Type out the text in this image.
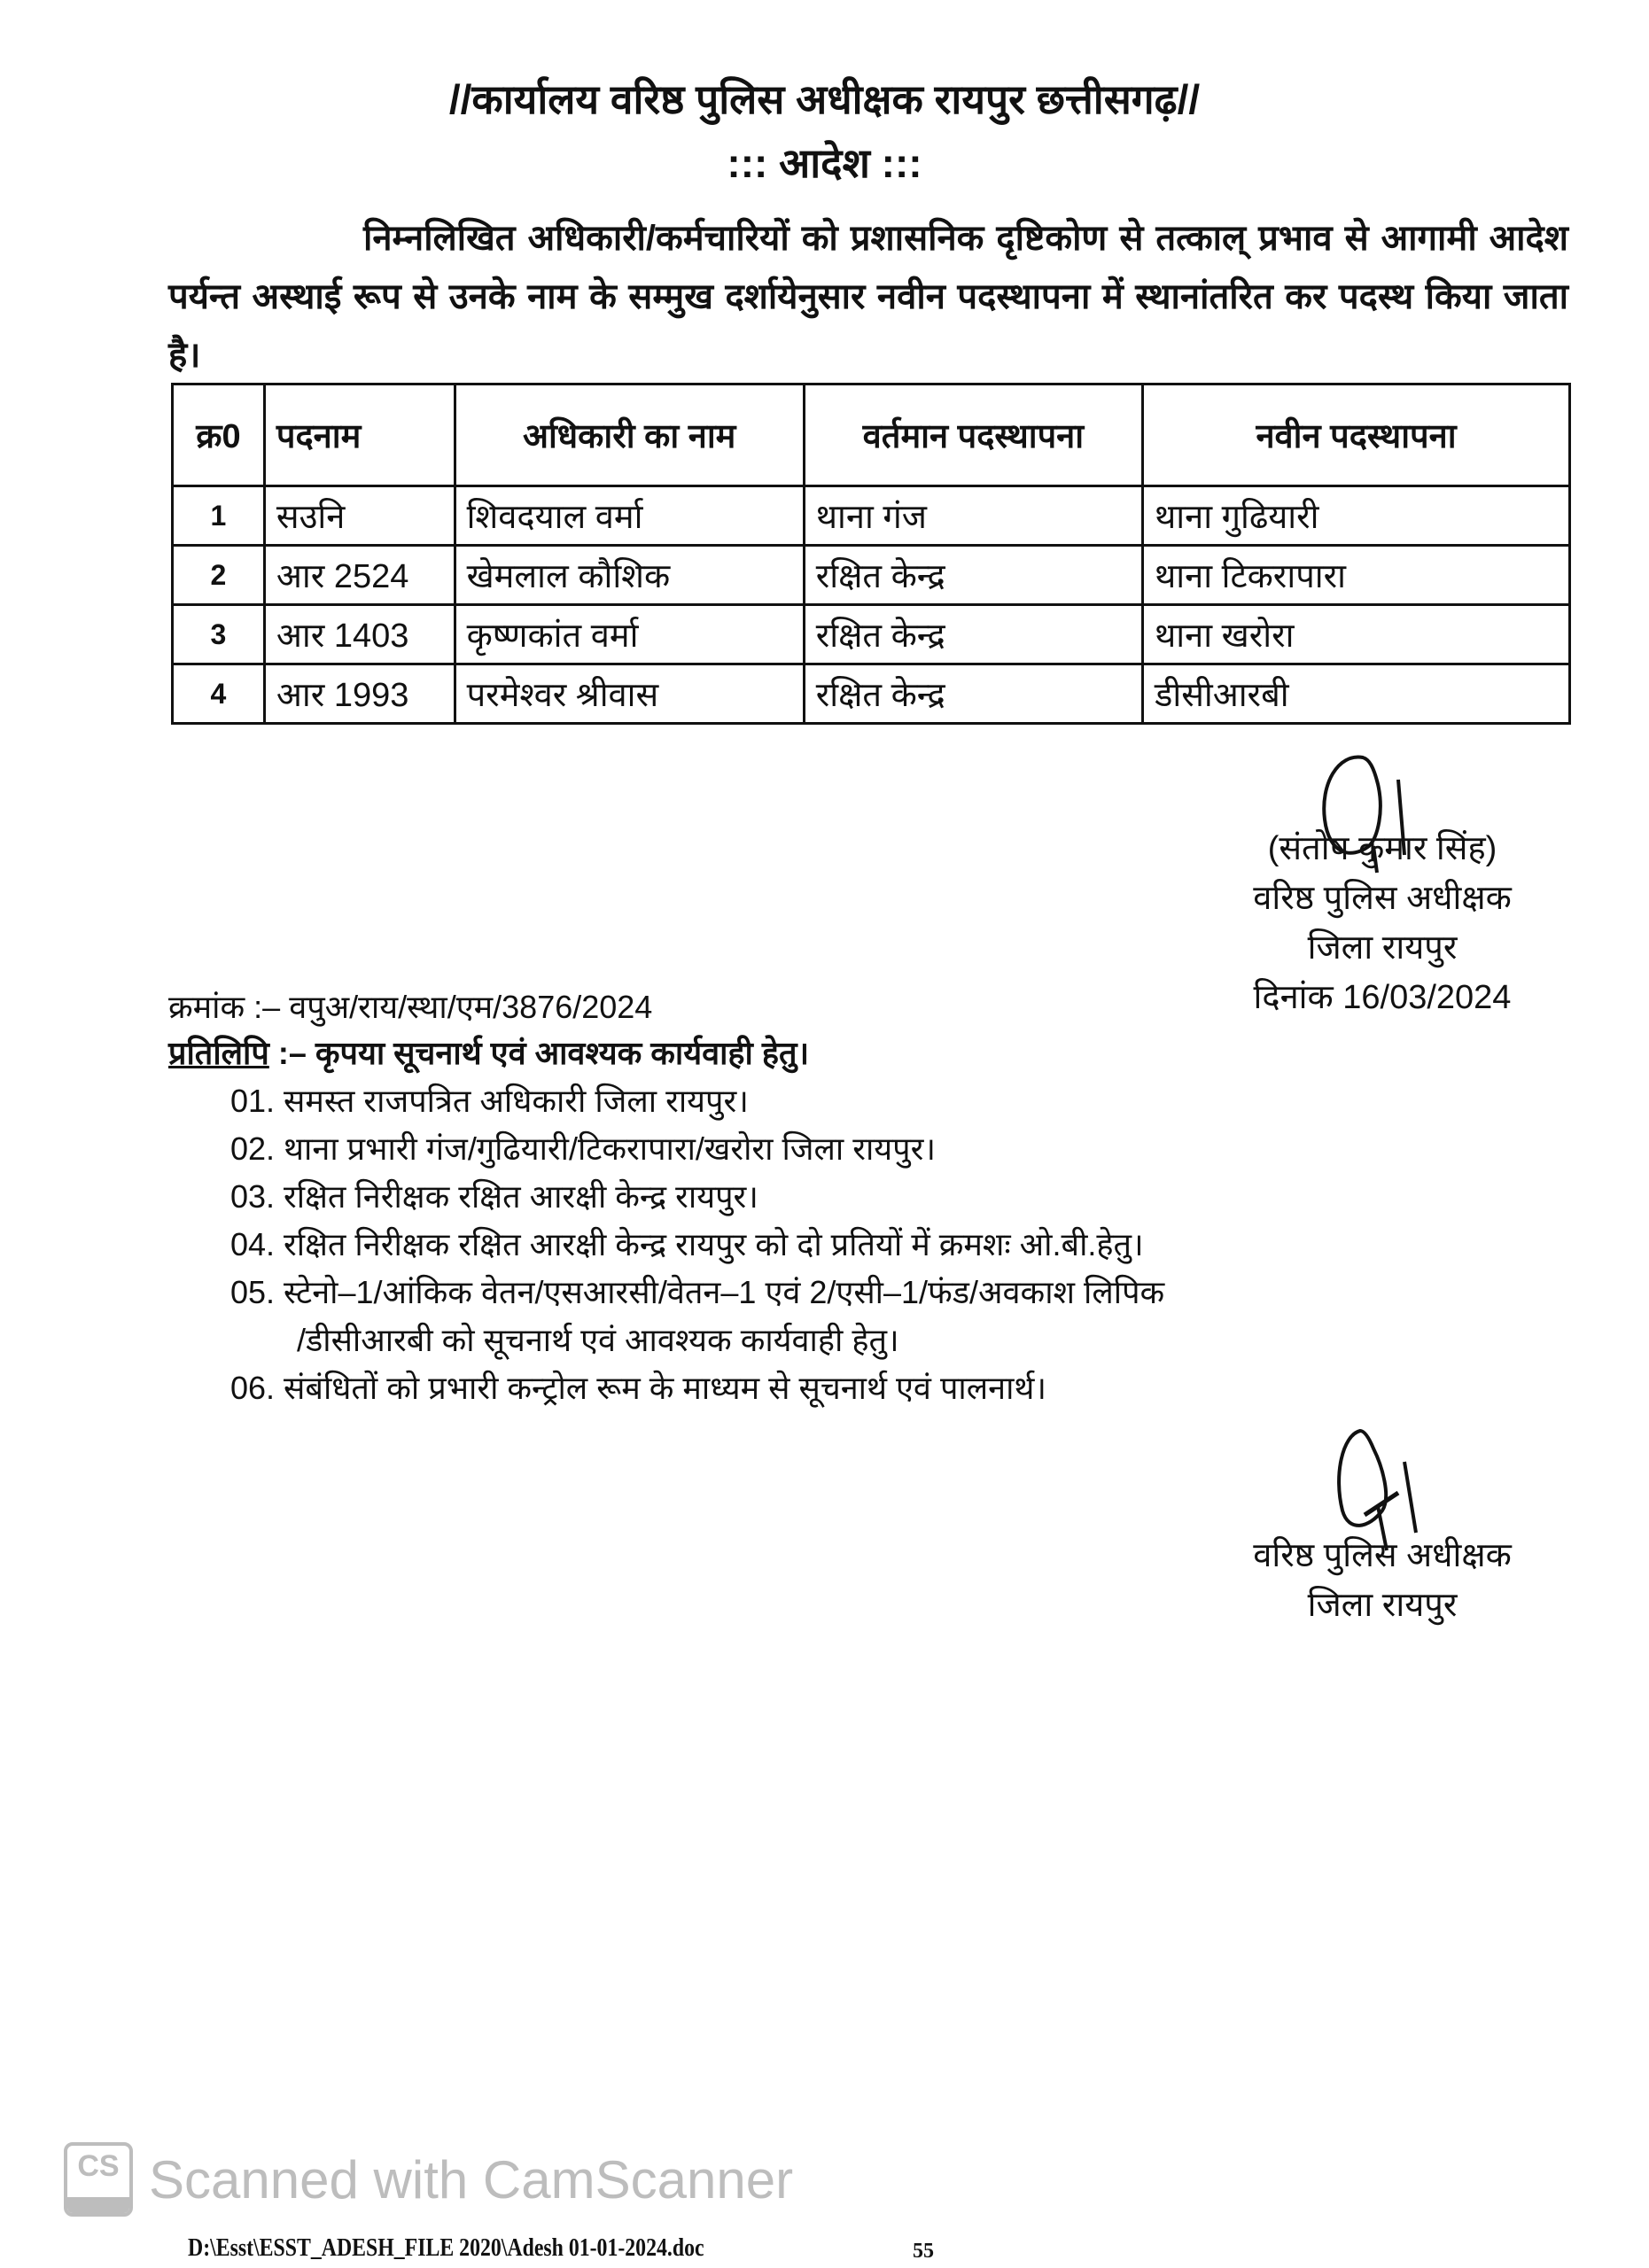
//कार्यालय वरिष्ठ पुलिस अधीक्षक रायपुर छत्तीसगढ़//
::: आदेश :::
निम्नलिखित अधिकारी/कर्मचारियों को प्रशासनिक दृष्टिकोण से तत्काल् प्रभाव से आगामी आदेश पर्यन्त अस्थाई रूप से उनके नाम के सम्मुख दर्शायेनुसार नवीन पदस्थापना में स्थानांतरित कर पदस्थ किया जाता है।
क्र0	पदनाम	अधिकारी का नाम	वर्तमान पदस्थापना	नवीन पदस्थापना
1	सउनि	शिवदयाल वर्मा	थाना गंज	थाना गुढियारी
2	आर 2524	खेमलाल कौशिक	रक्षित केन्द्र	थाना टिकरापारा
3	आर 1403	कृष्णकांत वर्मा	रक्षित केन्द्र	थाना खरोरा
4	आर 1993	परमेश्वर श्रीवास	रक्षित केन्द्र	डीसीआरबी
(संतोष कुमार सिंह)
वरिष्ठ पुलिस अधीक्षक
जिला रायपुर
दिनांक 16/03/2024
क्रमांक :– वपुअ/राय/स्था/एम/3876/2024
प्रतिलिपि :– कृपया सूचनार्थ एवं आवश्यक कार्यवाही हेतु।
01. समस्त राजपत्रित अधिकारी जिला रायपुर।
02. थाना प्रभारी गंज/गुढियारी/टिकरापारा/खरोरा जिला रायपुर।
03. रक्षित निरीक्षक रक्षित आरक्षी केन्द्र रायपुर।
04. रक्षित निरीक्षक रक्षित आरक्षी केन्द्र रायपुर को दो प्रतियों में क्रमशः ओ.बी.हेतु।
05. स्टेनो–1/आंकिक वेतन/एसआरसी/वेतन–1 एवं 2/एसी–1/फंड/अवकाश लिपिक
/डीसीआरबी को सूचनार्थ एवं आवश्यक कार्यवाही हेतु।
06. संबंधितों को प्रभारी कन्ट्रोल रूम के माध्यम से सूचनार्थ एवं पालनार्थ।
वरिष्ठ पुलिस अधीक्षक
जिला रायपुर
CS Scanned with CamScanner
D:\Esst\ESST_ADESH_FILE 2020\Adesh 01-01-2024.doc	55
